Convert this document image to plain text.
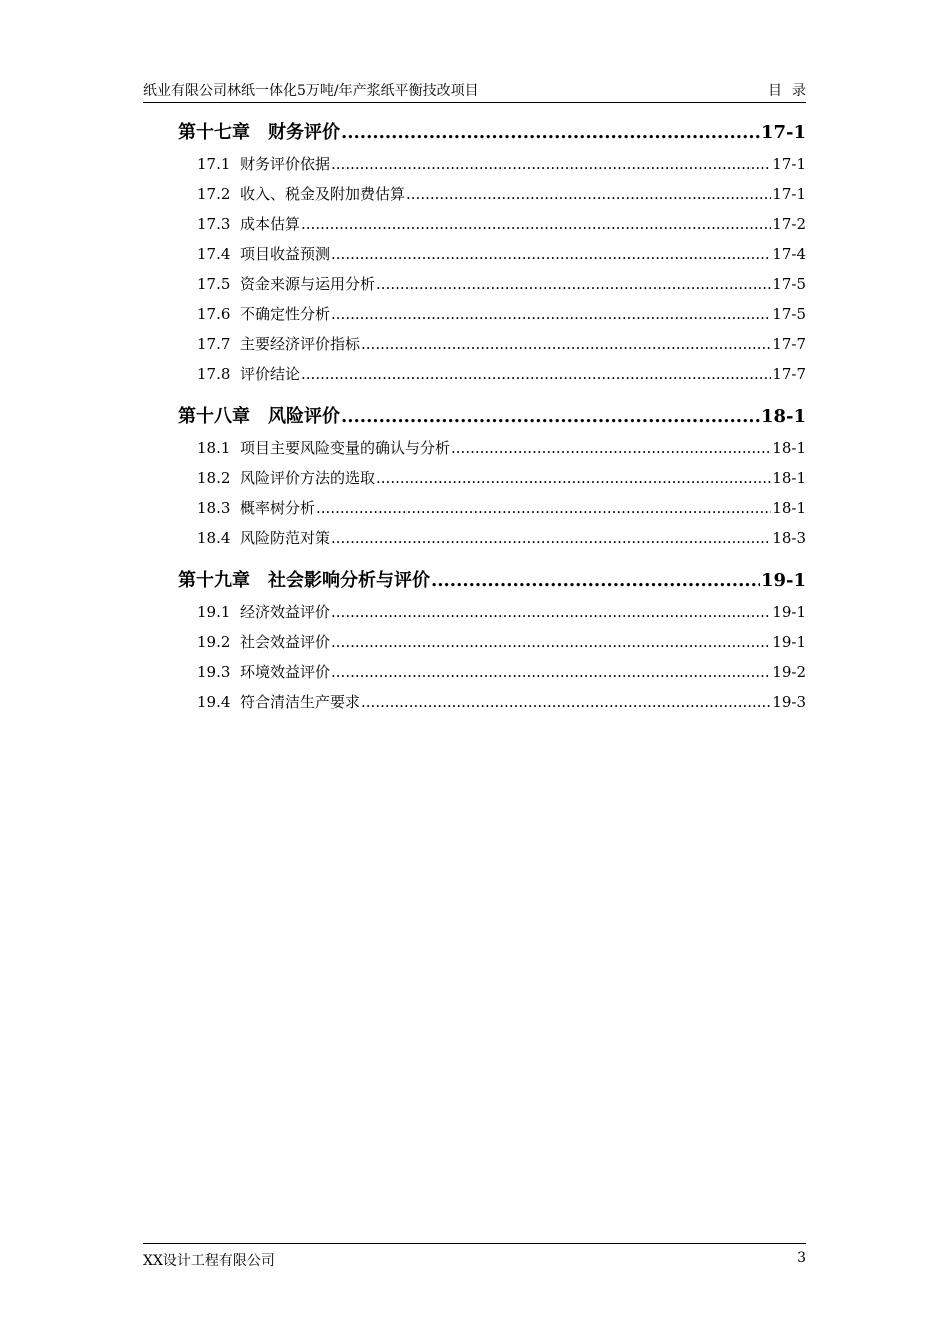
纸业有限公司林纸一体化5万吨/年产浆纸平衡技改项目	目录
第十七章 财务评价 .....	17-1
17.1 财务评价依据 .....	17-1
17.2 收入、税金及附加费估算 .....	17-1
17.3 成本估算 .....	17-2
17.4 项目收益预测 .....	17-4
17.5 资金来源与运用分析 .....	17-5
17.6 不确定性分析 .....	17-5
17.7 主要经济评价指标 .....	17-7
17.8 评价结论 .....	17-7
第十八章 风险评价 .....	18-1
18.1 项目主要风险变量的确认与分析 .....	18-1
18.2 风险评价方法的选取 .....	18-1
18.3 概率树分析 .....	18-1
18.4 风险防范对策 .....	18-3
第十九章 社会影响分析与评价 .....	19-1
19.1 经济效益评价 .....	19-1
19.2 社会效益评价 .....	19-1
19.3 环境效益评价 .....	19-2
19.4 符合清洁生产要求 .....	19-3
XX设计工程有限公司	3
